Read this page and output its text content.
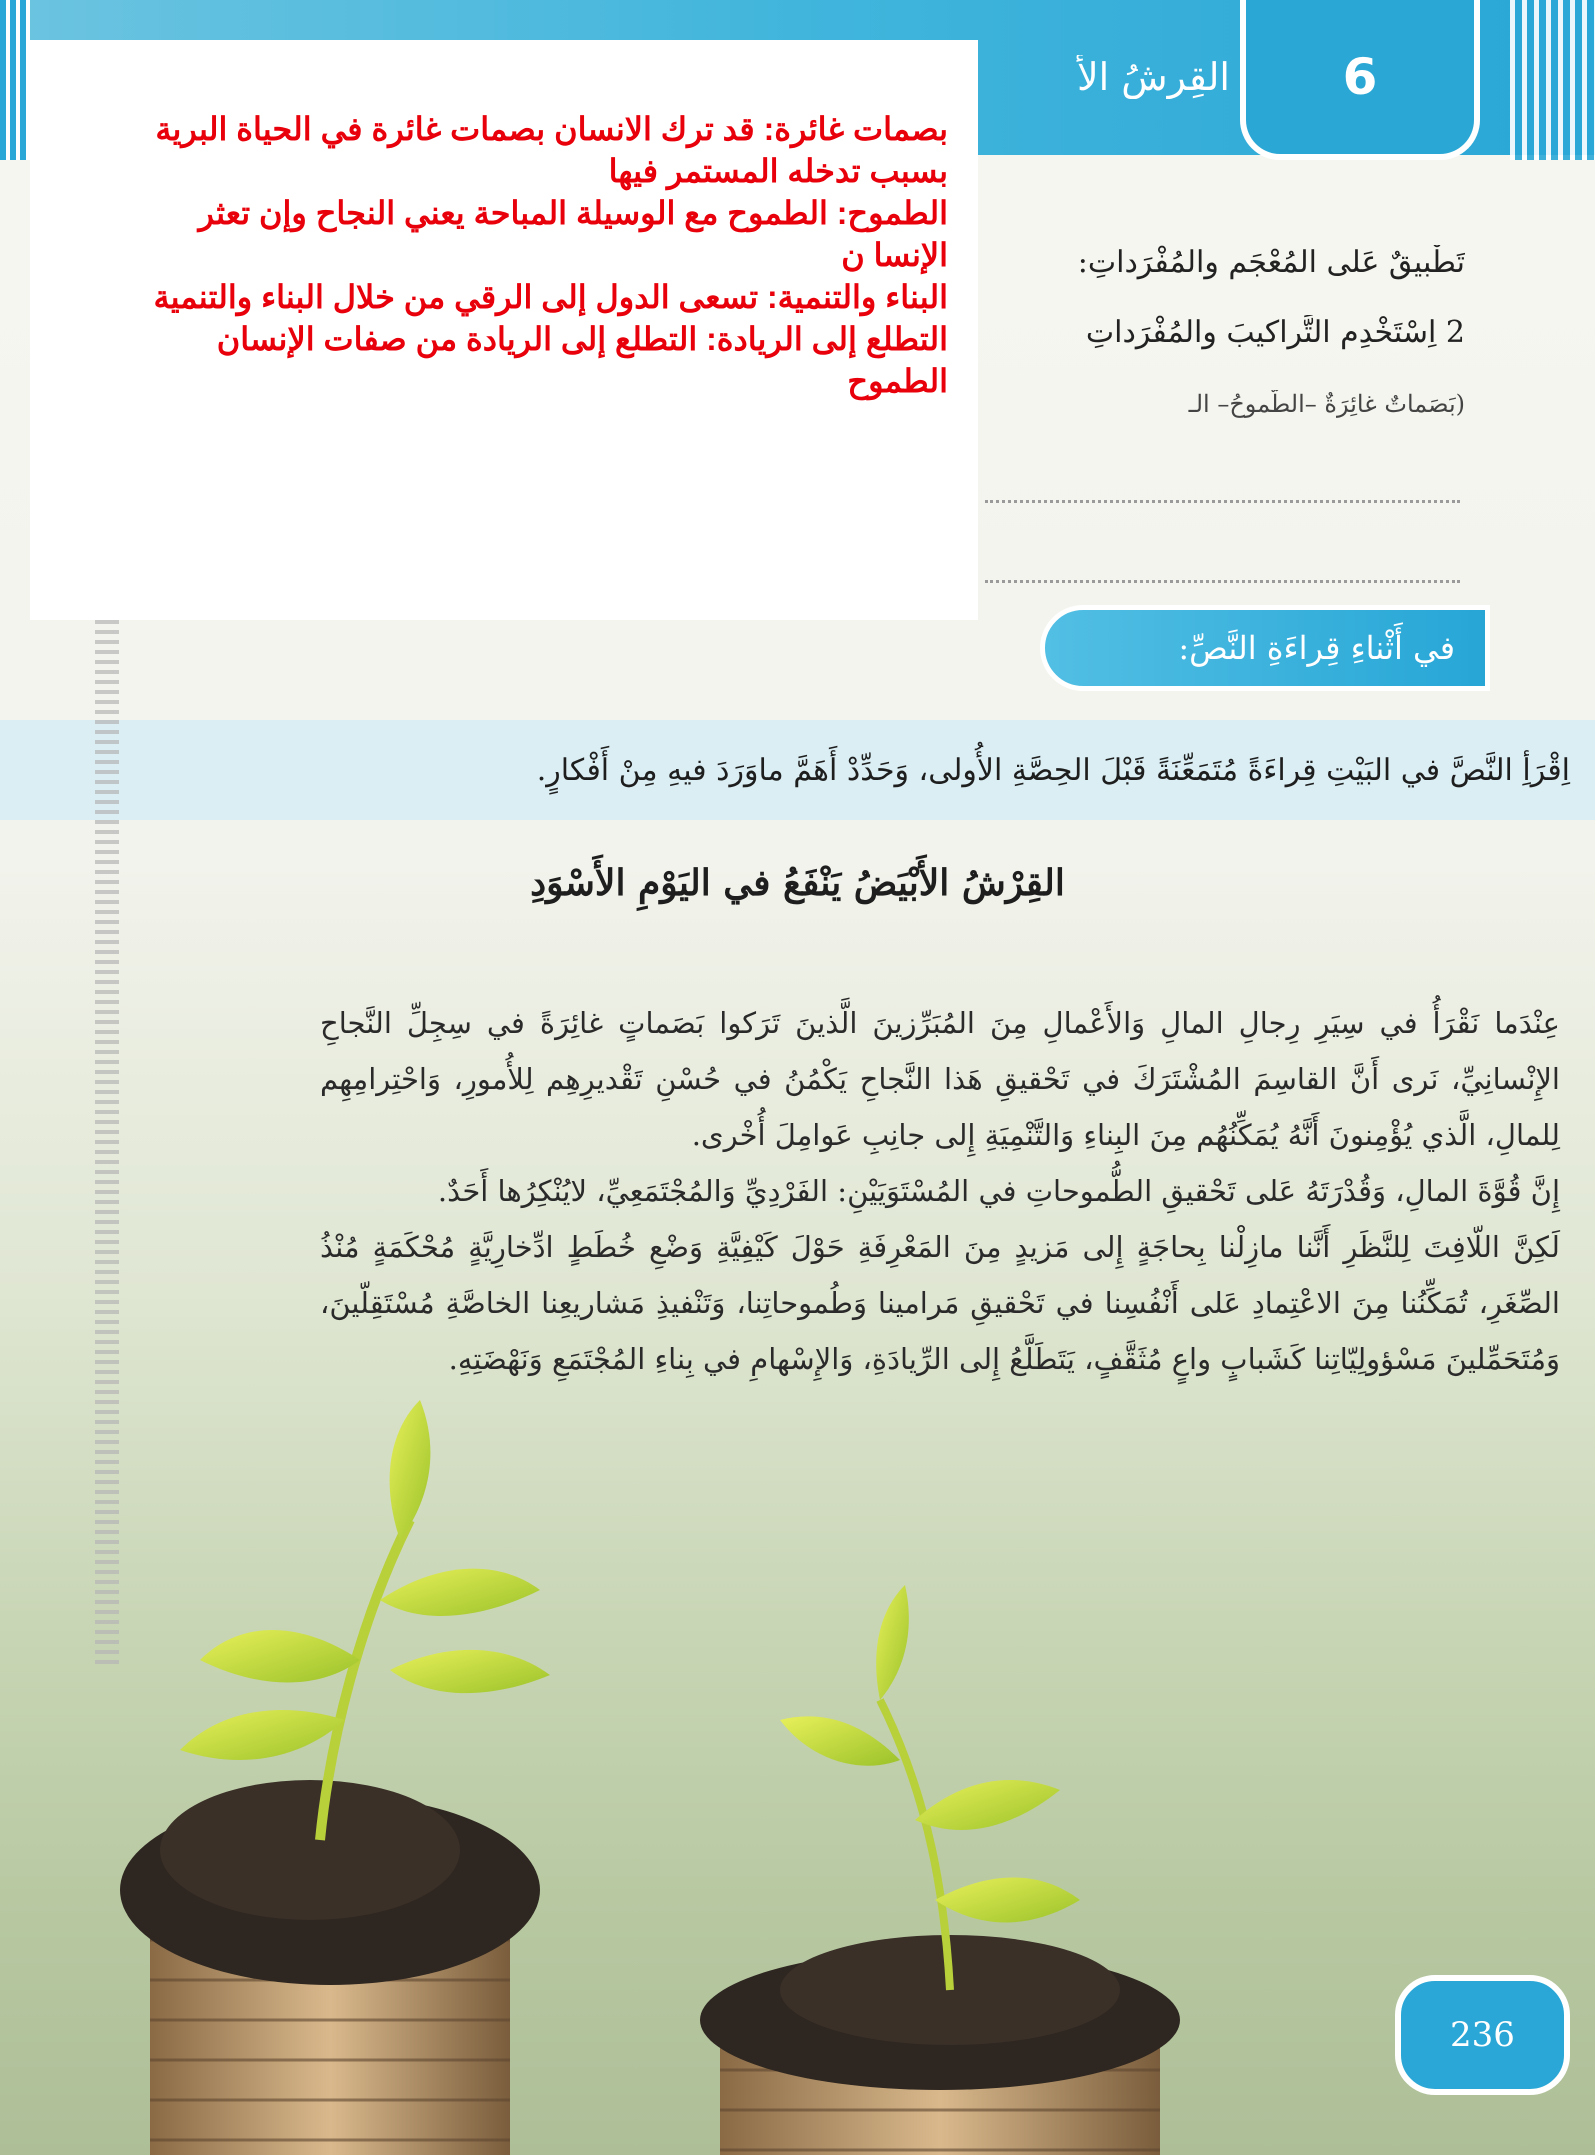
القِرشُ الأَ 6
تَطْبيقٌ عَلى المُعْجَمِ والمُفْرَداتِ:
2 اِسْتَخْدِمِ التَّراكيبَ والمُفْرَداتِ
(بَصَماتٌ غائِرَةٌ –الطُّموحُ– الـ
بصمات غائرة: قد ترك الانسان بصمات غائرة في الحياة البرية
بسبب تدخله المستمر فيها
الطموح: الطموح مع الوسيلة المباحة يعني النجاح وإن تعثر
الإنسا ن
البناء والتنمية: تسعى الدول إلى الرقي من خلال البناء والتنمية
التطلع إلى الريادة: التطلع إلى الريادة من صفات الإنسان
الطموح
في أَثْناءِ قِراءَةِ النَّصِّ:
اِقْرَأِ النَّصَّ في البَيْتِ قِراءَةً مُتَمَعِّنَةً قَبْلَ الحِصَّةِ الأُولى، وَحَدِّدْ أَهَمَّ ماوَرَدَ فيهِ مِنْ أَفْكارٍ.
القِرْشُ الأَبْيَضُ يَنْفَعُ في اليَوْمِ الأَسْوَدِ

عِنْدَما نَقْرَأُ في سِيَرِ رِجالِ المالِ وَالأَعْمالِ مِنَ المُبَرِّزينَ الَّذينَ تَرَكوا بَصَماتٍ غائِرَةً في سِجِلِّ النَّجاحِ الإِنْسانِيِّ، نَرى أَنَّ القاسِمَ المُشْتَرَكَ في تَحْقيقِ هَذا النَّجاحِ يَكْمُنُ في حُسْنِ تَقْديرِهِم لِلأُمورِ، وَاحْتِرامِهِم لِلمالِ، الَّذي يُؤْمِنونَ أَنَّهُ يُمَكِّنُهُم مِنَ البِناءِ وَالتَّنْمِيَةِ إِلى جانِبِ عَوامِلَ أُخْرى.

إِنَّ قُوَّةَ المالِ، وَقُدْرَتَهُ عَلى تَحْقيقِ الطُّموحاتِ في المُسْتَوَيَيْنِ: الفَرْدِيِّ وَالمُجْتَمَعِيِّ، لايُنْكِرُها أَحَدٌ.

لَكِنَّ اللّافِتَ لِلنَّظَرِ أَنَّنا مازِلْنا بِحاجَةٍ إِلى مَزيدٍ مِنَ المَعْرِفَةِ حَوْلَ كَيْفِيَّةِ وَضْعِ خُطَطٍ ادِّخارِيَّةٍ مُحْكَمَةٍ مُنْذُ الصِّغَرِ، تُمَكِّنُنا مِنَ الاعْتِمادِ عَلى أَنْفُسِنا في تَحْقيقِ مَرامينا وَطُموحاتِنا، وَتَنْفيذِ مَشاريعِنا الخاصَّةِ مُسْتَقِلّينَ، وَمُتَحَمِّلينَ مَسْؤولِيّاتِنا كَشَبابٍ واعٍ مُثَقَّفٍ، يَتَطَلَّعُ إِلى الرِّيادَةِ، وَالإِسْهامِ في بِناءِ المُجْتَمَعِ وَنَهْضَتِهِ.

236
